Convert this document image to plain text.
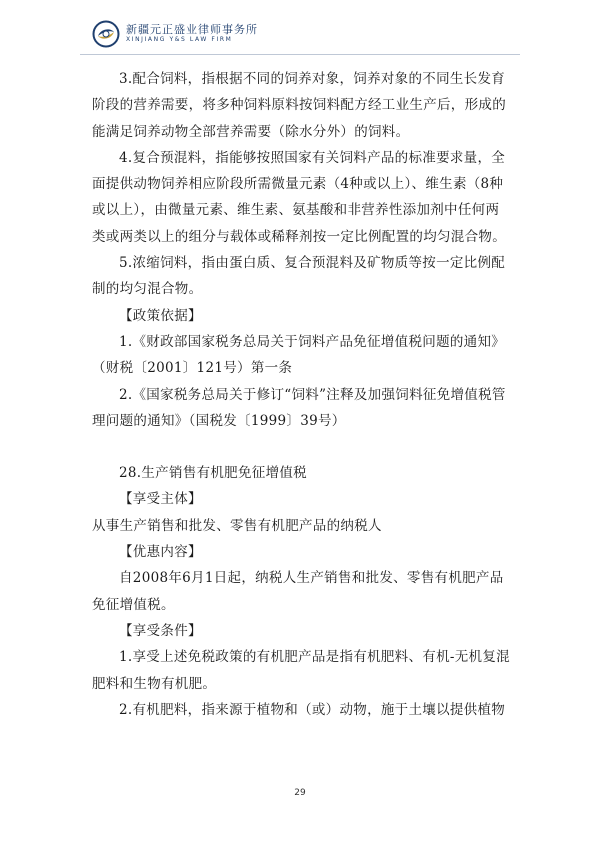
新疆元正盛业律师事务所
XINJIANG Y&S LAW FIRM

3.配合饲料，指根据不同的饲养对象，饲养对象的不同生长发育阶段的营养需要，将多种饲料原料按饲料配方经工业生产后，形成的能满足饲养动物全部营养需要（除水分外）的饲料。

4.复合预混料，指能够按照国家有关饲料产品的标准要求量，全面提供动物饲养相应阶段所需微量元素（4种或以上）、维生素（8种或以上），由微量元素、维生素、氨基酸和非营养性添加剂中任何两类或两类以上的组分与载体或稀释剂按一定比例配置的均匀混合物。

5.浓缩饲料，指由蛋白质、复合预混料及矿物质等按一定比例配制的均匀混合物。

【政策依据】

1.《财政部国家税务总局关于饲料产品免征增值税问题的通知》（财税〔2001〕121号）第一条

2.《国家税务总局关于修订“饲料”注释及加强饲料征免增值税管理问题的通知》（国税发〔1999〕39号）

28.生产销售有机肥免征增值税

【享受主体】

从事生产销售和批发、零售有机肥产品的纳税人

【优惠内容】

自2008年6月1日起，纳税人生产销售和批发、零售有机肥产品免征增值税。

【享受条件】

1.享受上述免税政策的有机肥产品是指有机肥料、有机-无机复混肥料和生物有机肥。

2.有机肥料，指来源于植物和（或）动物，施于土壤以提供植物

29
